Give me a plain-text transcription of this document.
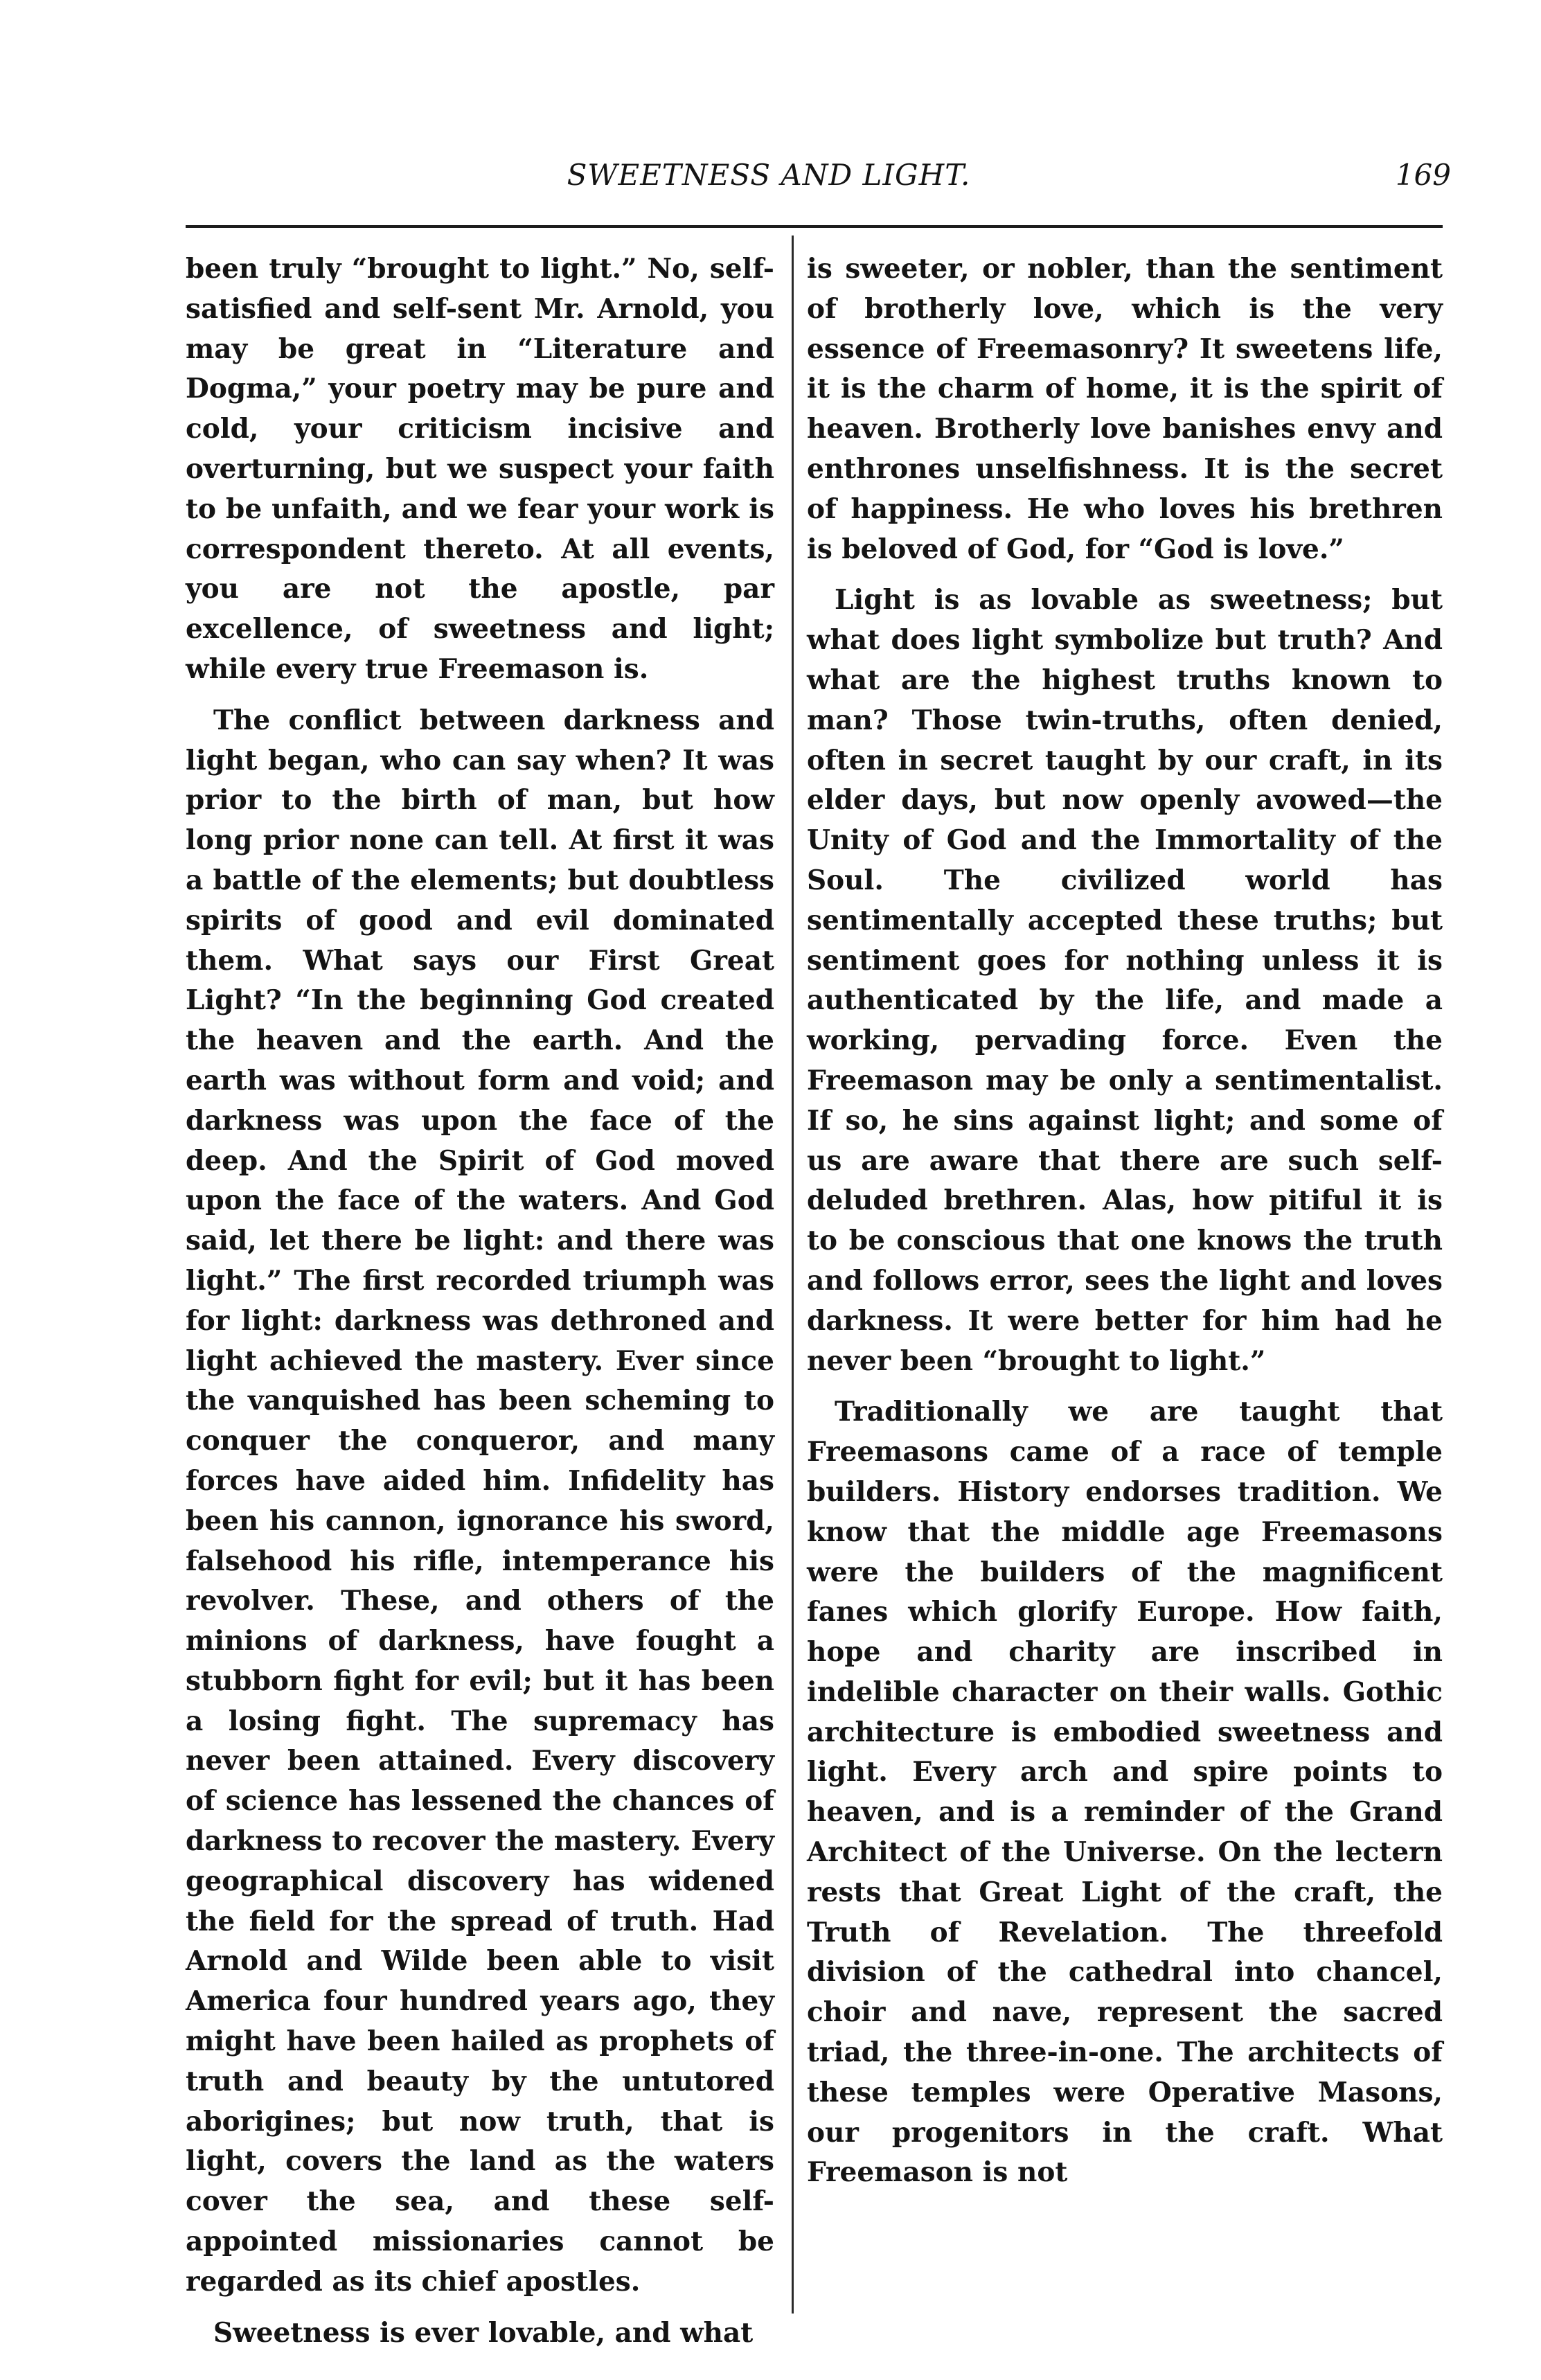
SWEETNESS AND LIGHT.	169

been truly “brought to light.” No, self-satisfied and self-sent Mr. Arnold, you may be great in “Literature and Dogma,” your poetry may be pure and cold, your criticism incisive and overturning, but we suspect your faith to be unfaith, and we fear your work is correspondent thereto. At all events, you are not the apostle, par excellence, of sweetness and light; while every true Freemason is.

The conflict between darkness and light began, who can say when? It was prior to the birth of man, but how long prior none can tell. At first it was a battle of the elements; but doubtless spirits of good and evil dominated them. What says our First Great Light? “In the beginning God created the heaven and the earth. And the earth was without form and void; and darkness was upon the face of the deep. And the Spirit of God moved upon the face of the waters. And God said, let there be light: and there was light.” The first recorded triumph was for light: darkness was dethroned and light achieved the mastery. Ever since the vanquished has been scheming to conquer the conqueror, and many forces have aided him. Infidelity has been his cannon, ignorance his sword, falsehood his rifle, intemperance his revolver. These, and others of the minions of darkness, have fought a stubborn fight for evil; but it has been a losing fight. The supremacy has never been attained. Every discovery of science has lessened the chances of darkness to recover the mastery. Every geographical discovery has widened the field for the spread of truth. Had Arnold and Wilde been able to visit America four hundred years ago, they might have been hailed as prophets of truth and beauty by the untutored aborigines; but now truth, that is light, covers the land as the waters cover the sea, and these self-appointed missionaries cannot be regarded as its chief apostles.

Sweetness is ever lovable, and what

is sweeter, or nobler, than the sentiment of brotherly love, which is the very essence of Freemasonry? It sweetens life, it is the charm of home, it is the spirit of heaven. Brotherly love banishes envy and enthrones unselfishness. It is the secret of happiness. He who loves his brethren is beloved of God, for “God is love.”

Light is as lovable as sweetness; but what does light symbolize but truth? And what are the highest truths known to man? Those twin-truths, often denied, often in secret taught by our craft, in its elder days, but now openly avowed—the Unity of God and the Immortality of the Soul. The civilized world has sentimentally accepted these truths; but sentiment goes for nothing unless it is authenticated by the life, and made a working, pervading force. Even the Freemason may be only a sentimentalist. If so, he sins against light; and some of us are aware that there are such self-deluded brethren. Alas, how pitiful it is to be conscious that one knows the truth and follows error, sees the light and loves darkness. It were better for him had he never been “brought to light.”

Traditionally we are taught that Freemasons came of a race of temple builders. History endorses tradition. We know that the middle age Freemasons were the builders of the magnificent fanes which glorify Europe. How faith, hope and charity are inscribed in indelible character on their walls. Gothic architecture is embodied sweetness and light. Every arch and spire points to heaven, and is a reminder of the Grand Architect of the Universe. On the lectern rests that Great Light of the craft, the Truth of Revelation. The threefold division of the cathedral into chancel, choir and nave, represent the sacred triad, the three-in-one. The architects of these temples were Operative Masons, our progenitors in the craft. What Freemason is not
